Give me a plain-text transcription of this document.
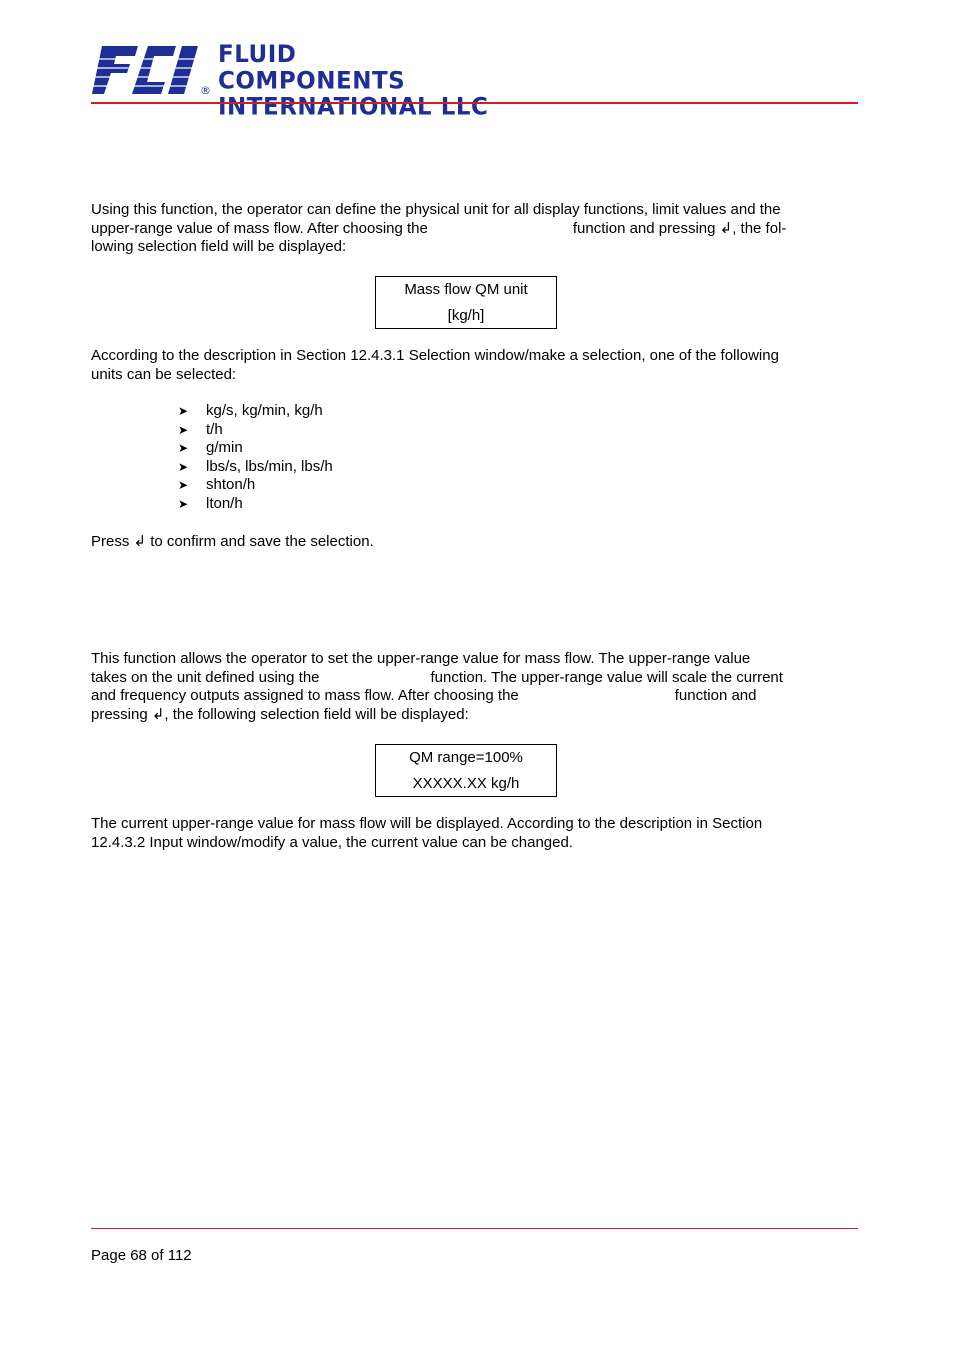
®
FLUID COMPONENTS
INTERNATIONAL LLC
Using this function, the operator can define the physical unit for all display functions, limit values and the
upper-range value of mass flow. After choosing the	function and pressing ↲, the fol-
lowing selection field will be displayed:
Mass flow QM unit
[kg/h]
According to the description in Section 12.4.3.1 Selection window/make a selection, one of the following
units can be selected:
➤ kg/s, kg/min, kg/h
➤ t/h
➤ g/min
➤ lbs/s, lbs/min, lbs/h
➤ shton/h
➤ lton/h
Press ↲ to confirm and save the selection.
This function allows the operator to set the upper-range value for mass flow. The upper-range value
takes on the unit defined using the	function. The upper-range value will scale the current
and frequency outputs assigned to mass flow. After choosing the	function and
pressing ↲, the following selection field will be displayed:
QM range=100%
XXXXX.XX kg/h
The current upper-range value for mass flow will be displayed. According to the description in Section
12.4.3.2 Input window/modify a value, the current value can be changed.
Page 68 of 112
